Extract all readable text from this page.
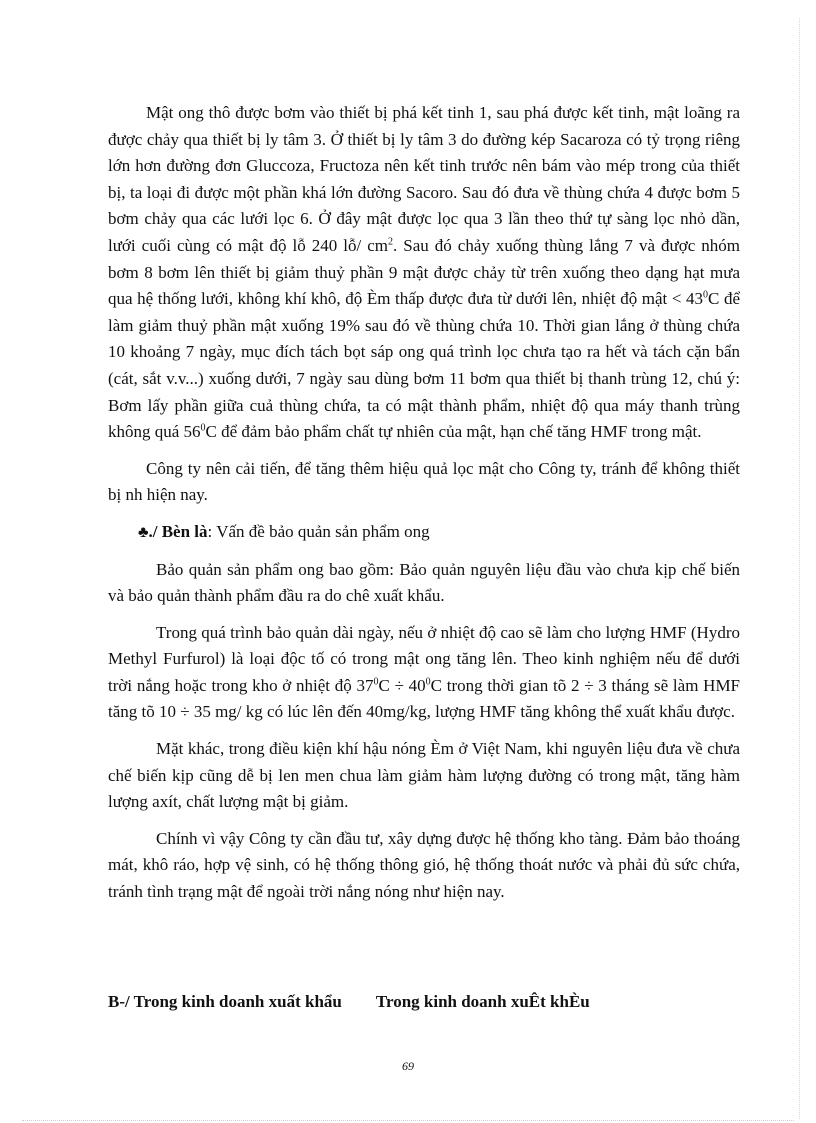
Mật ong thô được bơm vào thiết bị phá kết tinh 1, sau phá được kết tinh, mật loãng ra được chảy qua thiết bị ly tâm 3. Ở thiết bị ly tâm 3 do đường kép Sacaroza có tỷ trọng riêng lớn hơn đường đơn Gluccoza, Fructoza nên kết tinh trước nên bám vào mép trong của thiết bị, ta loại đi được một phần khá lớn đường Sacoro. Sau đó đưa về thùng chứa 4 được bơm 5 bơm chảy qua các lưới lọc 6. Ở đây mật được lọc qua 3 lần theo thứ tự sàng lọc nhỏ dần, lưới cuối cùng có mật độ lỗ 240 lỗ/ $cm^2$. Sau đó chảy xuống thùng lắng 7 và được nhóm bơm 8 bơm lên thiết bị giảm thuỷ phần 9 mật được chảy từ trên xuống theo dạng hạt mưa qua hệ thống lưới, không khí khô, độ Èm thấp được đưa từ dưới lên, nhiệt độ mật < $43^0C$ để làm giảm thuỷ phần mật xuống 19% sau đó về thùng chứa 10. Thời gian lắng ở thùng chứa 10 khoảng 7 ngày, mục đích tách bọt sáp ong quá trình lọc chưa tạo ra hết và tách cặn bẩn (cát, sắt v.v...) xuống dưới, 7 ngày sau dùng bơm 11 bơm qua thiết bị thanh trùng 12, chú ý: Bơm lấy phần giữa cuả thùng chứa, ta có mật thành phẩm, nhiệt độ qua máy thanh trùng không quá $56^0C$ để đảm bảo phẩm chất tự nhiên của mật, hạn chế tăng HMF trong mật.

Công ty nên cải tiến, để tăng thêm hiệu quả lọc mật cho Công ty, tránh để không thiết bị nh hiện nay.

♣./ Bèn là: Vấn đề bảo quản sản phẩm ong

Bảo quản sản phẩm ong bao gồm: Bảo quản nguyên liệu đầu vào chưa kịp chế biến và bảo quản thành phẩm đầu ra do chê xuất khẩu.

Trong quá trình bảo quản dài ngày, nếu ở nhiệt độ cao sẽ làm cho lượng HMF (Hydro Methyl Furfurol) là loại độc tố có trong mật ong tăng lên. Theo kinh nghiệm nếu để dưới trời nắng hoặc trong kho ở nhiệt độ $37^0C \div 40^0C$ trong thời gian tõ 2 ÷ 3 tháng sẽ làm HMF tăng tõ 10 ÷ 35 mg/ kg có lúc lên đến 40mg/kg, lượng HMF tăng không thể xuất khẩu được.

Mặt khác, trong điều kiện khí hậu nóng Èm ở Việt Nam, khi nguyên liệu đưa về chưa chế biến kịp cũng dễ bị len men chua làm giảm hàm lượng đường có trong mật, tăng hàm lượng axít, chất lượng mật bị giảm.

Chính vì vậy Công ty cần đầu tư, xây dựng được hệ thống kho tàng. Đảm bảo thoáng mát, khô ráo, hợp vệ sinh, có hệ thống thông gió, hệ thống thoát nước và phải đủ sức chứa, tránh tình trạng mật để ngoài trời nắng nóng như hiện nay.

B-/ Trong kinh doanh xuất khẩu Trong kinh doanh xuÊt khÈu
69
